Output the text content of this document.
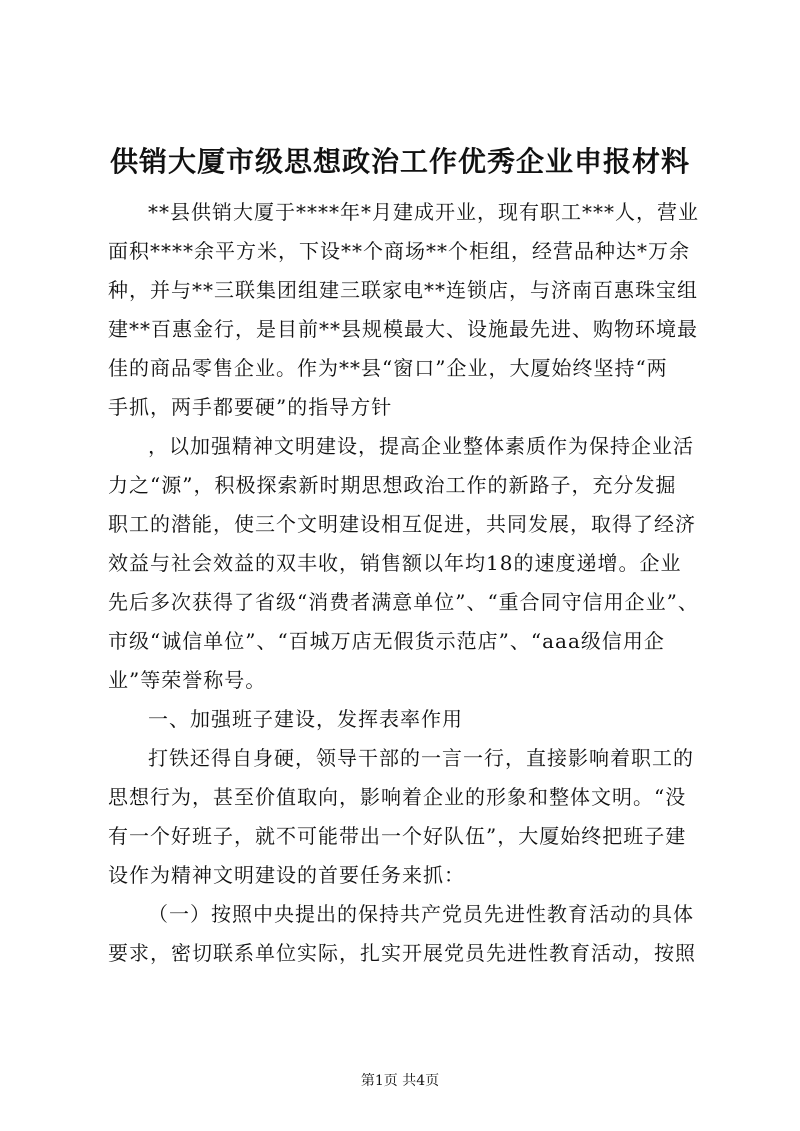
供销大厦市级思想政治工作优秀企业申报材料
**县供销大厦于****年*月建成开业，现有职工***人，营业
面积****余平方米，下设**个商场**个柜组，经营品种达*万余
种，并与**三联集团组建三联家电**连锁店，与济南百惠珠宝组
建**百惠金行，是目前**县规模最大、设施最先进、购物环境最
佳的商品零售企业。作为**县“窗口”企业，大厦始终坚持“两
手抓，两手都要硬”的指导方针
，以加强精神文明建设，提高企业整体素质作为保持企业活
力之“源”，积极探索新时期思想政治工作的新路子，充分发掘
职工的潜能，使三个文明建设相互促进，共同发展，取得了经济
效益与社会效益的双丰收，销售额以年均18的速度递增。企业
先后多次获得了省级“消费者满意单位”、“重合同守信用企业”、
市级“诚信单位”、“百城万店无假货示范店”、“aaa级信用企
业”等荣誉称号。
一、加强班子建设，发挥表率作用
打铁还得自身硬，领导干部的一言一行，直接影响着职工的
思想行为，甚至价值取向，影响着企业的形象和整体文明。“没
有一个好班子，就不可能带出一个好队伍”，大厦始终把班子建
设作为精神文明建设的首要任务来抓：
（一）按照中央提出的保持共产党员先进性教育活动的具体
要求，密切联系单位实际，扎实开展党员先进性教育活动，按照
第1页 共4页
